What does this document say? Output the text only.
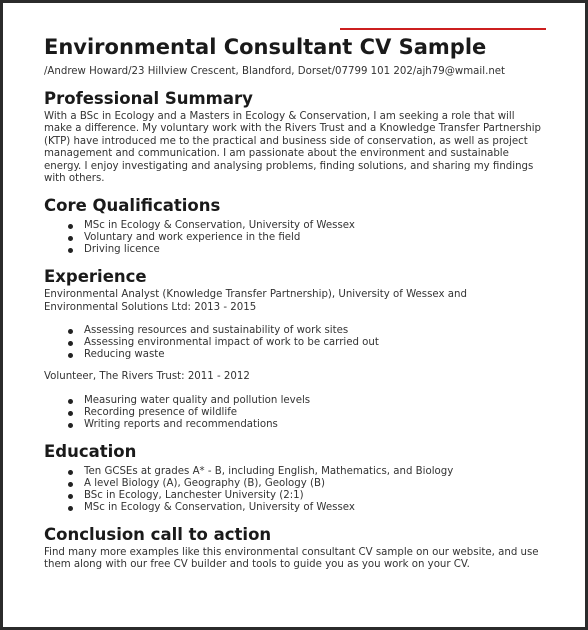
Environmental Consultant CV Sample
/Andrew Howard/23 Hillview Crescent, Blandford, Dorset/07799 101 202/ajh79@wmail.net
Professional Summary

With a BSc in Ecology and a Masters in Ecology & Conservation, I am seeking a role that will make a difference. My voluntary work with the Rivers Trust and a Knowledge Transfer Partnership (KTP) have introduced me to the practical and business side of conservation, as well as project management and communication. I am passionate about the environment and sustainable energy. I enjoy investigating and analysing problems, finding solutions, and sharing my findings with others.

Core Qualifications
MSc in Ecology & Conservation, University of Wessex
Voluntary and work experience in the field
Driving licence
Experience

Environmental Analyst (Knowledge Transfer Partnership), University of Wessex and Environmental Solutions Ltd: 2013 - 2015

Assessing resources and sustainability of work sites
Assessing environmental impact of work to be carried out
Reducing waste

Volunteer, The Rivers Trust: 2011 - 2012

Measuring water quality and pollution levels
Recording presence of wildlife
Writing reports and recommendations
Education
Ten GCSEs at grades A* - B, including English, Mathematics, and Biology
A level Biology (A), Geography (B), Geology (B)
BSc in Ecology, Lanchester University (2:1)
MSc in Ecology & Conservation, University of Wessex
Conclusion call to action

Find many more examples like this environmental consultant CV sample on our website, and use them along with our free CV builder and tools to guide you as you work on your CV.
